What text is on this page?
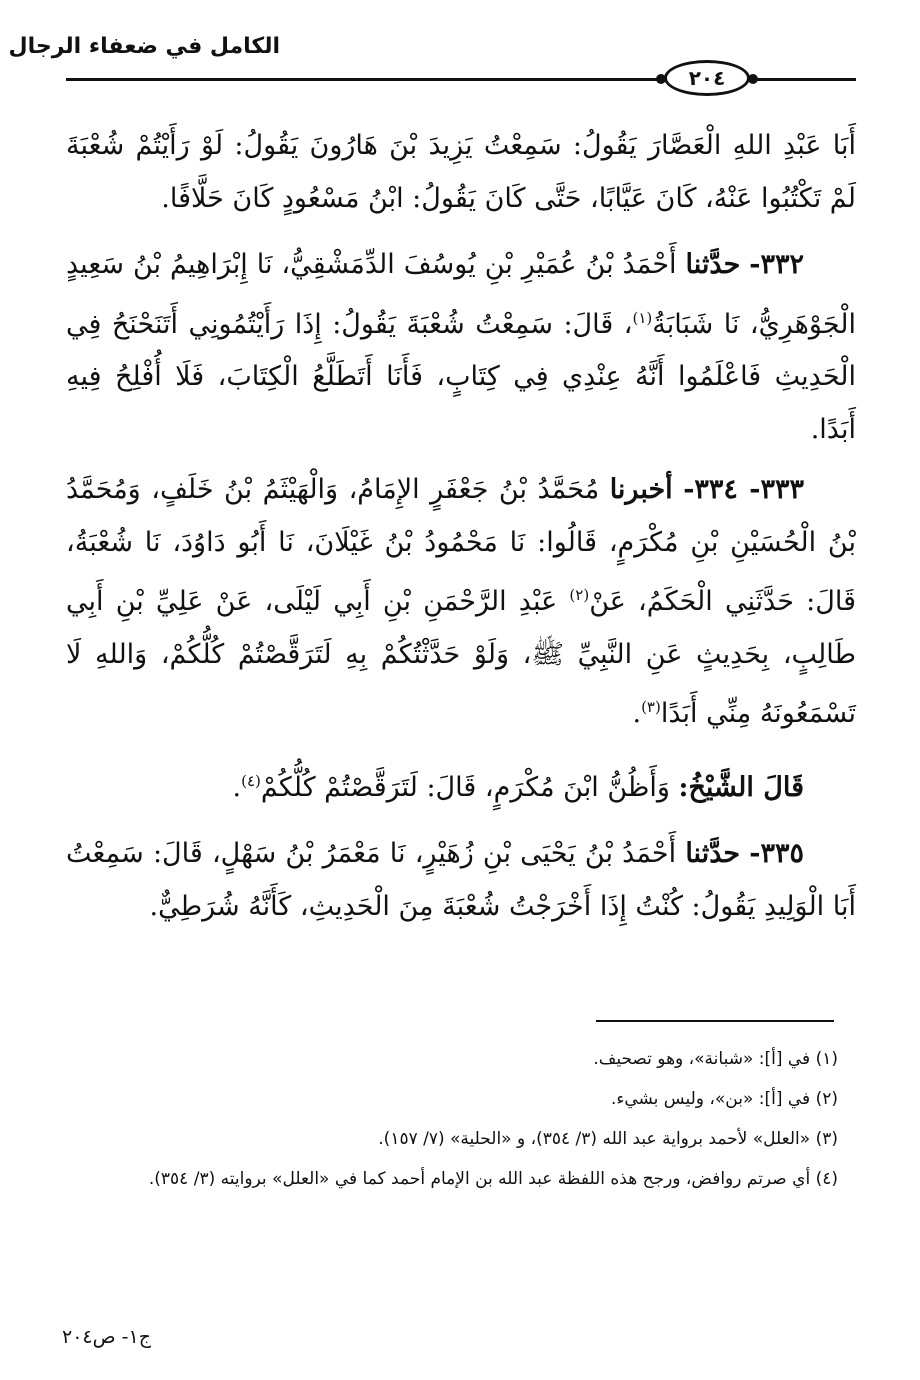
الكامل في ضعفاء الرجال
٢٠٤

أَبَا عَبْدِ اللهِ الْعَصَّارَ يَقُولُ: سَمِعْتُ يَزِيدَ بْنَ هَارُونَ يَقُولُ: لَوْ رَأَيْتُمْ شُعْبَةَ لَمْ تَكْتُبُوا عَنْهُ، كَانَ عَيَّابًا، حَتَّى كَانَ يَقُولُ: ابْنُ مَسْعُودٍ كَانَ حَلَّافًا.

٣٣٢- حدَّثنا أَحْمَدُ بْنُ عُمَيْرِ بْنِ يُوسُفَ الدِّمَشْقِيُّ، نَا إِبْرَاهِيمُ بْنُ سَعِيدٍ الْجَوْهَرِيُّ، نَا شَبَابَةُ$^{(١)}$، قَالَ: سَمِعْتُ شُعْبَةَ يَقُولُ: إِذَا رَأَيْتُمُونِي أَتَنَحْنَحُ فِي الْحَدِيثِ فَاعْلَمُوا أَنَّهُ عِنْدِي فِي كِتَابٍ، فَأَنَا أَتَطَلَّعُ الْكِتَابَ، فَلَا أُفْلِحُ فِيهِ أَبَدًا.

٣٣٣- ٣٣٤- أخبرنا مُحَمَّدُ بْنُ جَعْفَرٍ الإِمَامُ، وَالْهَيْثَمُ بْنُ خَلَفٍ، وَمُحَمَّدُ بْنُ الْحُسَيْنِ بْنِ مُكْرَمٍ، قَالُوا: نَا مَحْمُودُ بْنُ غَيْلَانَ، نَا أَبُو دَاوُدَ، نَا شُعْبَةُ، قَالَ: حَدَّثَنِي الْحَكَمُ، عَنْ$^{(٢)}$ عَبْدِ الرَّحْمَنِ بْنِ أَبِي لَيْلَى، عَنْ عَلِيِّ بْنِ أَبِي طَالِبٍ، بِحَدِيثٍ عَنِ النَّبِيِّ ﷺ، وَلَوْ حَدَّثْتُكُمْ بِهِ لَتَرَقَّصْتُمْ كُلُّكُمْ، وَاللهِ لَا تَسْمَعُونَهُ مِنِّي أَبَدًا$^{(٣)}$.

قَالَ الشَّيْخُ: وَأَظُنُّ ابْنَ مُكْرَمٍ، قَالَ: لَتَرَقَّصْتُمْ كُلُّكُمْ$^{(٤)}$.

٣٣٥- حدَّثنا أَحْمَدُ بْنُ يَحْيَى بْنِ زُهَيْرٍ، نَا مَعْمَرُ بْنُ سَهْلٍ، قَالَ: سَمِعْتُ أَبَا الْوَلِيدِ يَقُولُ: كُنْتُ إِذَا أَخْرَجْتُ شُعْبَةَ مِنَ الْحَدِيثِ، كَأَنَّهُ شُرَطِيٌّ.

(١) في [أ]: «شبانة»، وهو تصحيف.

(٢) في [أ]: «بن»، وليس بشيء.

(٣) «العلل» لأحمد برواية عبد الله (٣/ ٣٥٤)، و «الحلية» (٧/ ١٥٧).

(٤) أي صرتم روافض، ورجح هذه اللفظة عبد الله بن الإمام أحمد كما في «العلل» بروايته (٣/ ٣٥٤).

ج١- ص٢٠٤
